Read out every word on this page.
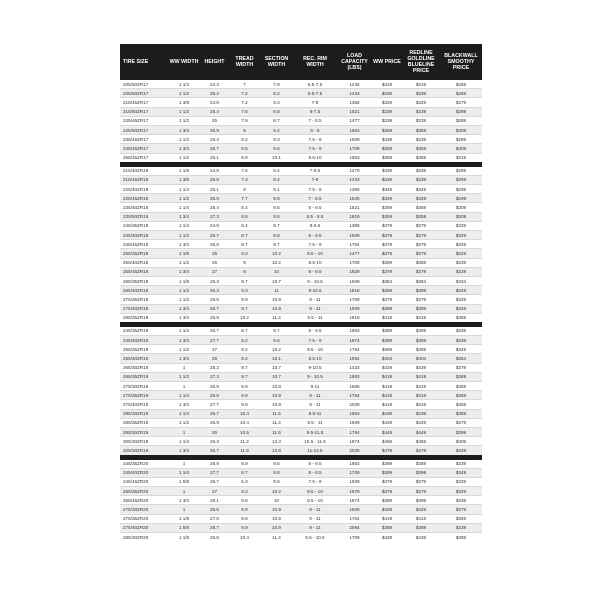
TIRE SIZE	WW WIDTH	HEIGHT	TREAD WIDTH	SECTION WIDTH	REC. RIM WIDTH	LOAD CAPACITY (LBS)	WW PRICE	REDLINE GOLDLINE BLUELINE PRICE	BLACKWALL SMOOTHY PRICE
205/50ZR17	1 1/4	24.3	7	7.9	6.5-7.5	1235	$319	$319	$269
205/50ZR17	1 1/2	25.2	7.2	8.2	5.5-7.5	1433	$339	$339	$289
215/45ZR17	1 3/8	24.6	7.2	8.3	7-8	1356	$329	$329	$279
215/50ZR17	1 1/2	25.4	7.6	8.8	6-7.5	1521	$339	$339	$289
225/45ZR17	1 1/2	25	7.9	8.7	7 - 8.5	1477	$339	$339	$289
225/50ZR17	1 3/4	25.9	8	9.2	6 - 8	1653	$359	$359	$309
235/45ZR17	1 1/2	25.3	8.2	9.3	7.5 - 9	1609	$339	$339	$289
245/45ZR17	1 3/4	25.7	8.5	9.6	7.5 - 9	1709	$359	$359	$309
255/45ZR17	1 1/2	25.1	8.9	10.1	8.5-10	1653	$369	$369	$319
215/40ZR18	1 1/8	24.8	7.5	8.4	7-8.5	1279	$339	$339	$289
215/45ZR18	1 3/8	25.6	7.3	8.4	7-8	1433	$339	$339	$289
225/40ZR18	1 1/4	25.1	8	9.1	7.5 - 9	1389	$349	$349	$299
225/45ZR18	1 1/2	25.9	7.7	8.9	7 - 8.5	1549	$349	$349	$299
235/40ZR18	1 1/4	25.4	8.4	9.5	8 - 9.5	1521	$359	$359	$309
235/50ZR18	1 3/4	27.3	8.8	9.6	6.5 - 8.5	1819	$359	$359	$309
245/35ZR18	1 1/4	24.9	8.4	9.7	8-9.5	1388	$379	$379	$329
245/40ZR18	1 1/2	25.7	8.7	9.8	8 - 9.5	1609	$379	$379	$329
245/45ZR18	1 3/4	26.6	8.7	9.7	7.5 - 9	1764	$379	$379	$329
255/35ZR18	1 1/8	25	9.3	10.2	8.5 - 10	1477	$379	$379	$329
255/40ZR18	1 1/2	26	9	10.2	8.5-10	1709	$389	$389	$339
255/45ZR18	1 3/4	27	9	10	8 - 9.5	1929	$379	$379	$329
265/35ZR18	1 1/8	25.3	9.7	10.7	9 - 10.5	1609	$384	$384	$334
265/40ZR18	1 1/2	26.3	9.3	11	9-10.5	1818	$399	$399	$349
275/35ZR18	1 1/2	25.6	9.9	10.9	9 - 11	1709	$379	$379	$329
275/40ZR18	1 3/4	26.7	9.7	10.9	9 - 11	1929	$399	$399	$349
285/35ZR18	1 3/4	25.9	10.2	11.4	9.5 - 11	1819	$419	$419	$369
245/35ZR19	1 1/4	26.7	8.7	9.7	8 - 9.5	1653	$389	$389	$339
245/40ZR19	1 3/4	27.7	8.2	9.6	7.5 - 9	1874	$389	$389	$339
255/35ZR19	1 1/2	27	9.2	10.2	8.5 - 10	1764	$399	$399	$349
255/40ZR19	1 3/4	28	9.2	10.1	8.5-10	1984	$404	$404	$354
265/30ZR19	1	25.2	9.7	10.7	9-10.5	1433	$429	$429	$379
265/35ZR19	1 1/2	27.3	9.7	10.7	9 - 10.5	1653	$419	$419	$369
275/30ZR19	1	25.5	9.9	10.8	9-11	1565	$419	$419	$369
275/35ZR19	1 1/4	26.6	9.9	10.9	9 - 11	1764	$419	$419	$369
275/40ZR19	1 3/4	27.7	9.9	10.9	9 - 11	2039	$419	$419	$369
285/30ZR19	1 1/4	25.7	10.4	11.5	9.5-11	1653	$439	$439	$389
285/35ZR19	1 1/2	26.9	10.4	11.4	9.5 - 11	1929	$429	$429	$379
295/30ZR19	1	26	10.5	11.6	9.5-11.5	1764	$449	$449	$399
305/30ZR19	1 1/4	26.3	11.2	12.3	10.5 - 11.5	1874	$459	$459	$409
325/30ZR19	1 3/4	26.7	11.8	12.8	11-12.5	2039	$479	$479	$429
245/35ZR20	1	26.8	8.9	9.8	8 - 9.5	1653	$389	$389	$339
245/40ZR20	1 1/4	27.7	8.7	9.8	8 - 9.5	1709	$399	$399	$349
245/45ZR20	1 5/8	28.7	6.3	9.6	7.5 - 9	1929	$379	$379	$329
255/35ZR20	1	27	9.3	10.2	8.5 - 10	1679	$379	$379	$329
255/45ZR20	1 3/4	29.1	8.8	10	8.5 - 10	1874	$389	$389	$339
275/30ZR20	1	26.5	9.9	10.9	9 - 11	1609	$429	$429	$379
275/35ZR20	1 1/8	27.6	9.8	10.9	9 - 11	1764	$419	$419	$369
275/40ZR20	1 5/8	28.7	9.9	10.9	9 - 11	2094	$389	$389	$339
285/30ZR20	1 1/8	26.8	10.4	11.4	9.5 - 10.5	1709	$439	$439	$389
